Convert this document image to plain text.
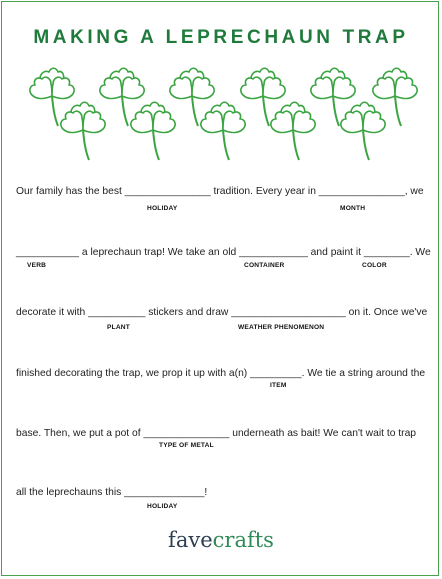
MAKING A LEPRECHAUN TRAP
Our family has the best _______________ tradition. Every year in _______________, we
HOLIDAY	MONTH
___________ a leprechaun trap! We take an old ____________ and paint it ________. We
VERB	CONTAINER	COLOR
decorate it with __________ stickers and draw ____________________ on it. Once we've
PLANT	WEATHER PHENOMENON
finished decorating the trap, we prop it up with a(n) _________. We tie a string around the
ITEM
base. Then, we put a pot of _______________ underneath as bait! We can't wait to trap
TYPE OF METAL
all the leprechauns this ______________!
HOLIDAY
favecrafts
